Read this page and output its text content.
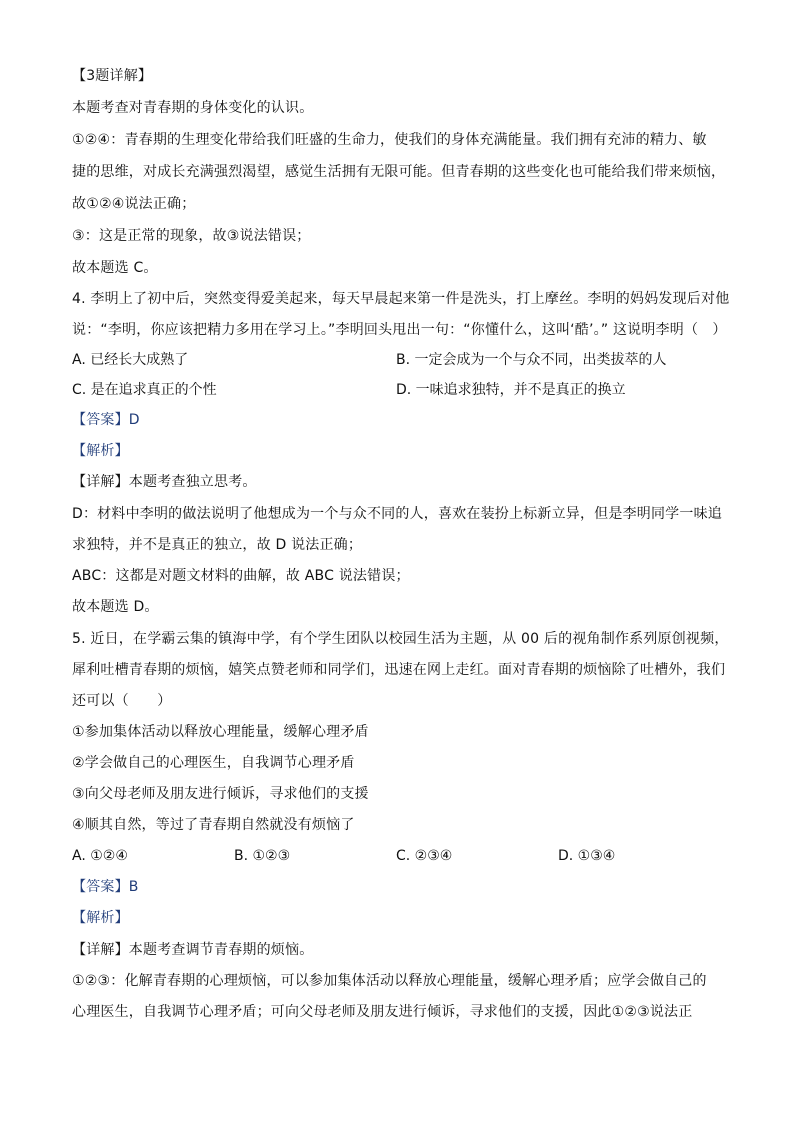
【3题详解】
本题考查对青春期的身体变化的认识。
①②④：青春期的生理变化带给我们旺盛的生命力，使我们的身体充满能量。我们拥有充沛的精力、敏
捷的思维，对成长充满强烈渴望，感觉生活拥有无限可能。但青春期的这些变化也可能给我们带来烦恼，
故①②④说法正确；
③：这是正常的现象，故③说法错误；
故本题选 C。
4. 李明上了初中后，突然变得爱美起来，每天早晨起来第一件是洗头，打上摩丝。李明的妈妈发现后对他
说：“李明，你应该把精力多用在学习上。”李明回头甩出一句：“你懂什么，这叫‘酷’。” 这说明李明（　）
A. 已经长大成熟了	B. 一定会成为一个与众不同，出类拔萃的人
C. 是在追求真正的个性	D. 一味追求独特，并不是真正的换立
【答案】D
【解析】
【详解】本题考查独立思考。
D：材料中李明的做法说明了他想成为一个与众不同的人，喜欢在装扮上标新立异，但是李明同学一味追
求独特，并不是真正的独立，故 D 说法正确；
ABC：这都是对题文材料的曲解，故 ABC 说法错误；
故本题选 D。
5. 近日，在学霸云集的镇海中学，有个学生团队以校园生活为主题，从 00 后的视角制作系列原创视频，
犀利吐槽青春期的烦恼，嬉笑点赞老师和同学们，迅速在网上走红。面对青春期的烦恼除了吐槽外，我们
还可以（　　）
①参加集体活动以释放心理能量，缓解心理矛盾
②学会做自己的心理医生，自我调节心理矛盾
③向父母老师及朋友进行倾诉，寻求他们的支援
④顺其自然，等过了青春期自然就没有烦恼了
A. ①②④	B. ①②③	C. ②③④	D. ①③④
【答案】B
【解析】
【详解】本题考查调节青春期的烦恼。
①②③：化解青春期的心理烦恼，可以参加集体活动以释放心理能量，缓解心理矛盾；应学会做自己的
心理医生，自我调节心理矛盾；可向父母老师及朋友进行倾诉，寻求他们的支援，因此①②③说法正
